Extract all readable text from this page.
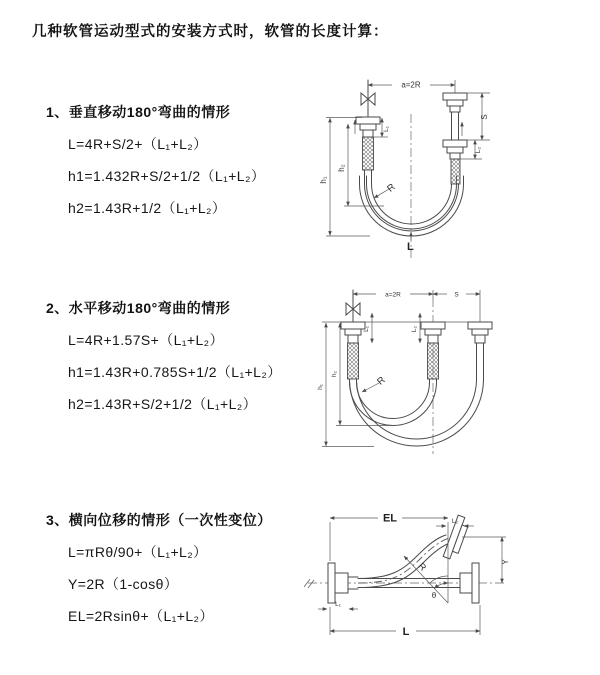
几种软管运动型式的安装方式时，软管的长度计算：
1、垂直移动180°弯曲的情形
L=4R+S/2+（L₁+L₂）
h1=1.432R+S/2+1/2（L₁+L₂）
h2=1.43R+1/2（L₁+L₂）
2、水平移动180°弯曲的情形
L=4R+1.57S+（L₁+L₂）
h1=1.43R+0.785S+1/2（L₁+L₂）
h2=1.43R+S/2+1/2（L₁+L₂）
3、横向位移的情形（一次性变位）
L=πRθ/90+（L₁+L₂）
Y=2R（1-cosθ）
EL=2Rsinθ+（L₁+L₂）
a=2R
h₁
h₂
L₁
S
L₂
R
L
a=2R	S
h₁
h₂
L₁	L₂
R
EL	L₂
Y
R
θ
L
L₁
